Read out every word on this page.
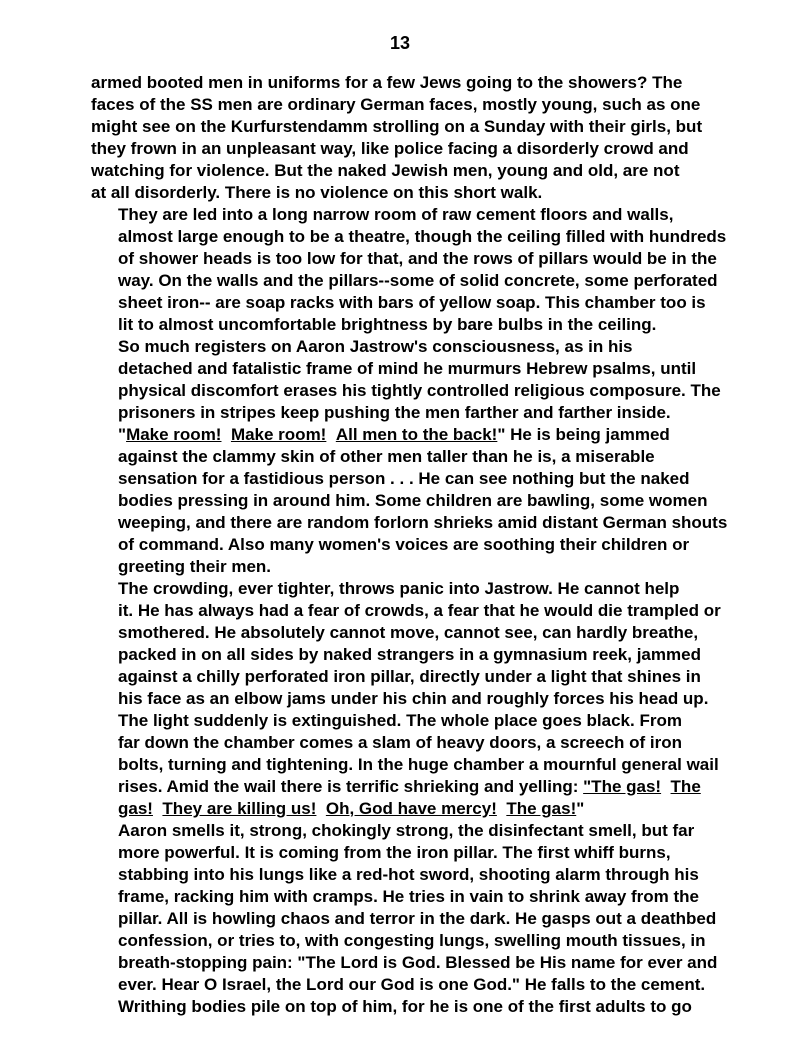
13

armed booted men in uniforms for a few Jews going to the showers? The
faces of the SS men are ordinary German faces, mostly young, such as one
might see on the Kurfurstendamm strolling on a Sunday with their girls, but
they frown in an unpleasant way, like police facing a disorderly crowd and
watching for violence. But the naked Jewish men, young and old, are not
at all disorderly. There is no violence on this short walk.

They are led into a long narrow room of raw cement floors and walls,
almost large enough to be a theatre, though the ceiling filled with hundreds
of shower heads is too low for that, and the rows of pillars would be in the
way. On the walls and the pillars--some of solid concrete, some perforated
sheet iron-- are soap racks with bars of yellow soap. This chamber too is
lit to almost uncomfortable brightness by bare bulbs in the ceiling.

So much registers on Aaron Jastrow's consciousness, as in his
detached and fatalistic frame of mind he murmurs Hebrew psalms, until
physical discomfort erases his tightly controlled religious composure. The
prisoners in stripes keep pushing the men farther and farther inside.
"Make room! Make room! All men to the back!" He is being jammed
against the clammy skin of other men taller than he is, a miserable
sensation for a fastidious person . . . He can see nothing but the naked
bodies pressing in around him. Some children are bawling, some women
weeping, and there are random forlorn shrieks amid distant German shouts
of command. Also many women's voices are soothing their children or
greeting their men.

The crowding, ever tighter, throws panic into Jastrow. He cannot help
it. He has always had a fear of crowds, a fear that he would die trampled or
smothered. He absolutely cannot move, cannot see, can hardly breathe,
packed in on all sides by naked strangers in a gymnasium reek, jammed
against a chilly perforated iron pillar, directly under a light that shines in
his face as an elbow jams under his chin and roughly forces his head up.

The light suddenly is extinguished. The whole place goes black. From
far down the chamber comes a slam of heavy doors, a screech of iron
bolts, turning and tightening. In the huge chamber a mournful general wail
rises. Amid the wail there is terrific shrieking and yelling: "The gas! The
gas! They are killing us! Oh, God have mercy! The gas!"

Aaron smells it, strong, chokingly strong, the disinfectant smell, but far
more powerful. It is coming from the iron pillar. The first whiff burns,
stabbing into his lungs like a red-hot sword, shooting alarm through his
frame, racking him with cramps. He tries in vain to shrink away from the
pillar. All is howling chaos and terror in the dark. He gasps out a deathbed
confession, or tries to, with congesting lungs, swelling mouth tissues, in
breath-stopping pain: "The Lord is God. Blessed be His name for ever and
ever. Hear O Israel, the Lord our God is one God." He falls to the cement.
Writhing bodies pile on top of him, for he is one of the first adults to go
